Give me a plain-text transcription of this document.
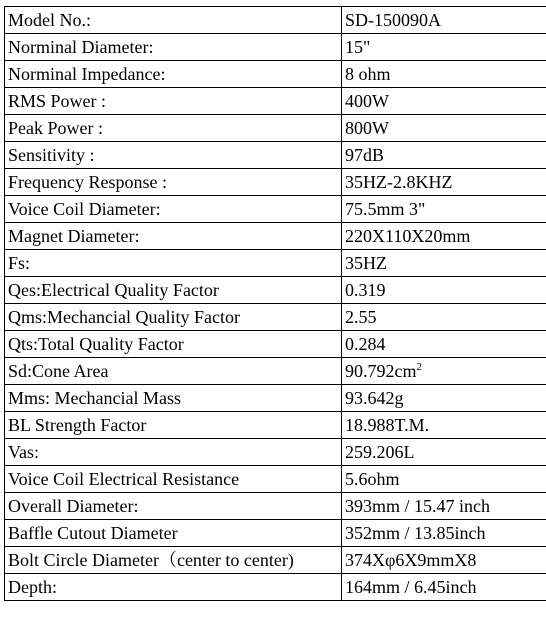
Model No.:	SD-150090A
Norminal Diameter:	15"
Norminal Impedance:	8 ohm
RMS Power :	400W
Peak Power :	800W
Sensitivity :	97dB
Frequency Response :	35HZ-2.8KHZ
Voice Coil Diameter:	75.5mm 3"
Magnet Diameter:	220X110X20mm
Fs:	35HZ
Qes:Electrical Quality Factor	0.319
Qms:Mechancial Quality Factor	2.55
Qts:Total Quality Factor	0.284
Sd:Cone Area	$90.792cm^2$
Mms: Mechancial Mass	93.642g
BL Strength Factor	18.988T.M.
Vas:	259.206L
Voice Coil Electrical Resistance	5.6ohm
Overall Diameter:	393mm / 15.47 inch
Baffle Cutout Diameter	352mm / 13.85inch
Bolt Circle Diameter（center to center)	374Xφ6X9mmX8
Depth:	164mm / 6.45inch
